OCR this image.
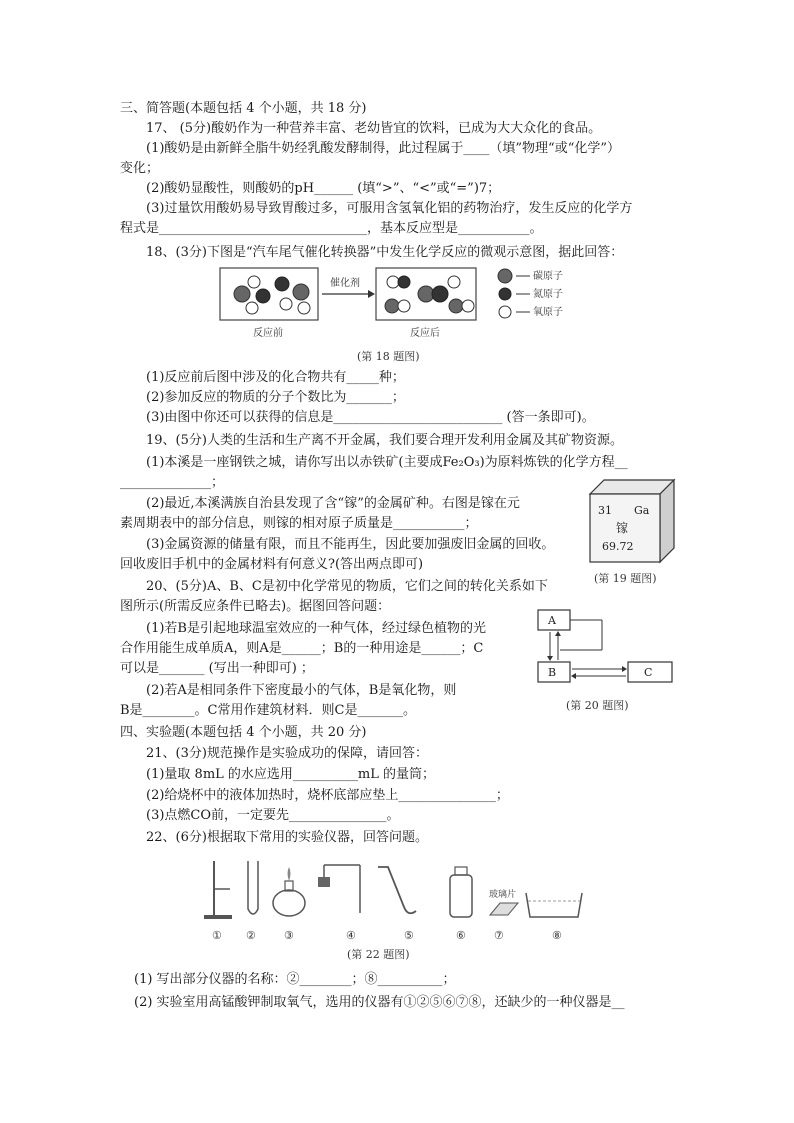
三、简答题(本题包括 4 个小题，共 18 分)
17、 (5分)酸奶作为一种营养丰富、老幼皆宜的饮料，已成为大大众化的食品。
(1)酸奶是由新鲜全脂牛奶经乳酸发酵制得，此过程属于____（填”物理“或“化学”）
变化；
(2)酸奶显酸性，则酸奶的pH______ (填“>”、“<”或“=”)7；
(3)过量饮用酸奶易导致胃酸过多，可服用含氢氧化铝的药物治疗，发生反应的化学方
程式是________________________________，基本反应型是___________。
18、(3分)下图是“汽车尾气催化转换器”中发生化学反应的微观示意图，据此回答：
催化剂
反应前	反应后
碳原子
氮原子
氧原子
(第 18 题图)
(1)反应前后图中涉及的化合物共有_____种；
(2)参加反应的物质的分子个数比为_______；
(3)由图中你还可以获得的信息是__________________________ (答一条即可)。
19、(5分)人类的生活和生产离不开金属，我们要合理开发利用金属及其矿物资源。
(1)本溪是一座钢铁之城，请你写出以赤铁矿(主要成Fe₂O₃)为原料炼铁的化学方程__
______________；
(2)最近,本溪满族自治县发现了含“镓”的金属矿种。右图是镓在元
素周期表中的部分信息，则镓的相对原子质量是___________；
(3)金属资源的储量有限，而且不能再生，因此要加强废旧金属的回收。
回收废旧手机中的金属材料有何意义?(答出两点即可)
31 Ga
镓
69.72
(第 19 题图)
20、(5分)A、B、C是初中化学常见的物质，它们之间的转化关系如下
图所示(所需反应条件已略去)。据图回答问题：
(1)若B是引起地球温室效应的一种气体，经过绿色植物的光
合作用能生成单质A，则A是______；B的一种用途是______；C
可以是_______ (写出一种即可) ；
(2)若A是相同条件下密度最小的气体，B是氧化物，则
B是________。C常用作建筑材料．则C是_______。
A
B	C
(第 20 题图)
四、实验题(本题包括 4 个小题，共 20 分)
21、(3分)规范操作是实验成功的保障，请回答：
(1)量取 8mL 的水应选用__________mL 的量筒；
(2)给烧杯中的液体加热时，烧杯底部应垫上_______________；
(3)点燃CO前，一定要先_______________。
22、(6分)根据取下常用的实验仪器，回答问题。
玻璃片
① ②	③	④	⑤	⑥	⑦	⑧
(第 22 题图)
(1) 写出部分仪器的名称：②________；⑧__________；
(2) 实验室用高锰酸钾制取氧气，选用的仪器有①②⑤⑥⑦⑧，还缺少的一种仪器是__
